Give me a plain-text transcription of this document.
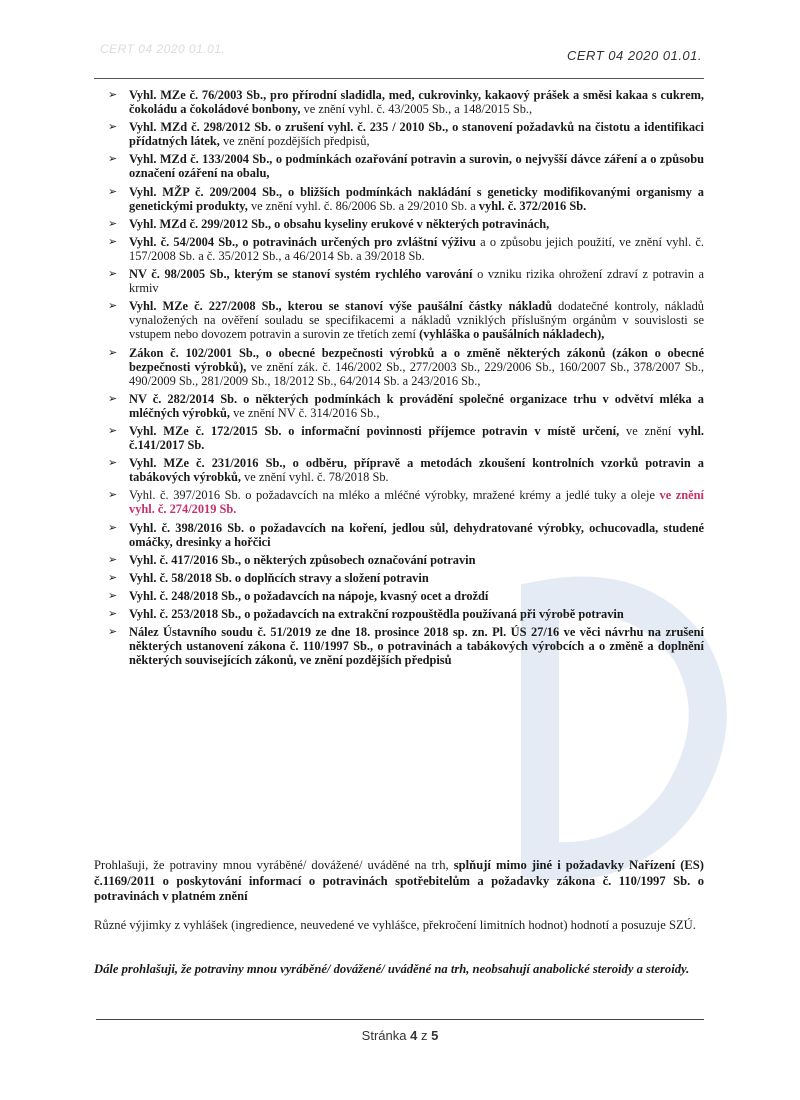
CERT 04 2020 01.01.	CERT 04 2020 01.01.
➢ Vyhl. MZe č. 76/2003 Sb., pro přírodní sladidla, med, cukrovinky, kakaový prášek a směsi kakaa s cukrem, čokoládu a čokoládové bonbony, ve znění vyhl. č. 43/2005 Sb., a 148/2015 Sb.,
➢ Vyhl. MZd č. 298/2012 Sb. o zrušení vyhl. č. 235 / 2010 Sb., o stanovení požadavků na čistotu a identifikaci přídatných látek, ve znění pozdějších předpisů,
➢ Vyhl. MZd č. 133/2004 Sb., o podmínkách ozařování potravin a surovin, o nejvyšší dávce záření a o způsobu označení ozáření na obalu,
➢ Vyhl. MŽP č. 209/2004 Sb., o bližších podmínkách nakládání s geneticky modifikovanými organismy a genetickými produkty, ve znění vyhl. č. 86/2006 Sb. a 29/2010 Sb. a vyhl. č. 372/2016 Sb.
➢ Vyhl. MZd č. 299/2012 Sb., o obsahu kyseliny erukové v některých potravinách,
➢ Vyhl. č. 54/2004 Sb., o potravinách určených pro zvláštní výživu a o způsobu jejich použití, ve znění vyhl. č. 157/2008 Sb. a č. 35/2012 Sb., a 46/2014 Sb. a 39/2018 Sb.
➢ NV č. 98/2005 Sb., kterým se stanoví systém rychlého varování o vzniku rizika ohrožení zdraví z potravin a krmiv
➢ Vyhl. MZe č. 227/2008 Sb., kterou se stanoví výše paušální částky nákladů dodatečné kontroly, nákladů vynaložených na ověření souladu se specifikacemi a nákladů vzniklých příslušným orgánům v souvislosti se vstupem nebo dovozem potravin a surovin ze třetích zemí (vyhláška o paušálních nákladech),
➢ Zákon č. 102/2001 Sb., o obecné bezpečnosti výrobků a o změně některých zákonů (zákon o obecné bezpečnosti výrobků), ve znění zák. č. 146/2002 Sb., 277/2003 Sb., 229/2006 Sb., 160/2007 Sb., 378/2007 Sb., 490/2009 Sb., 281/2009 Sb., 18/2012 Sb., 64/2014 Sb. a 243/2016 Sb.,
➢ NV č. 282/2014 Sb. o některých podmínkách k provádění společné organizace trhu v odvětví mléka a mléčných výrobků, ve znění NV č. 314/2016 Sb.,
➢ Vyhl. MZe č. 172/2015 Sb. o informační povinnosti příjemce potravin v místě určení, ve znění vyhl. č.141/2017 Sb.
➢ Vyhl. MZe č. 231/2016 Sb., o odběru, přípravě a metodách zkoušení kontrolních vzorků potravin a tabákových výrobků, ve znění vyhl. č. 78/2018 Sb.
➢ Vyhl. č. 397/2016 Sb. o požadavcích na mléko a mléčné výrobky, mražené krémy a jedlé tuky a oleje ve znění vyhl. č. 274/2019 Sb.
➢ Vyhl. č. 398/2016 Sb. o požadavcích na koření, jedlou sůl, dehydratované výrobky, ochucovadla, studené omáčky, dresinky a hořčici
➢ Vyhl. č. 417/2016 Sb., o některých způsobech označování potravin
➢ Vyhl. č. 58/2018 Sb. o doplňcích stravy a složení potravin
➢ Vyhl. č. 248/2018 Sb., o požadavcích na nápoje, kvasný ocet a droždí
➢ Vyhl. č. 253/2018 Sb., o požadavcích na extrakční rozpouštědla používaná při výrobě potravin
➢ Nález Ústavního soudu č. 51/2019 ze dne 18. prosince 2018 sp. zn. Pl. ÚS 27/16 ve věci návrhu na zrušení některých ustanovení zákona č. 110/1997 Sb., o potravinách a tabákových výrobcích a o změně a doplnění některých souvisejících zákonů, ve znění pozdějších předpisů

Prohlašuji, že potraviny mnou vyráběné/ dovážené/ uváděné na trh, splňují mimo jiné i požadavky Nařízení (ES) č.1169/2011 o poskytování informací o potravinách spotřebitelům a požadavky zákona č. 110/1997 Sb. o potravinách v platném znění

Různé výjimky z vyhlášek (ingredience, neuvedené ve vyhlášce, překročení limitních hodnot) hodnotí a posuzuje SZÚ.

Dále prohlašuji, že potraviny mnou vyráběné/ dovážené/ uváděné na trh, neobsahují anabolické steroidy a steroidy.

Stránka 4 z 5
